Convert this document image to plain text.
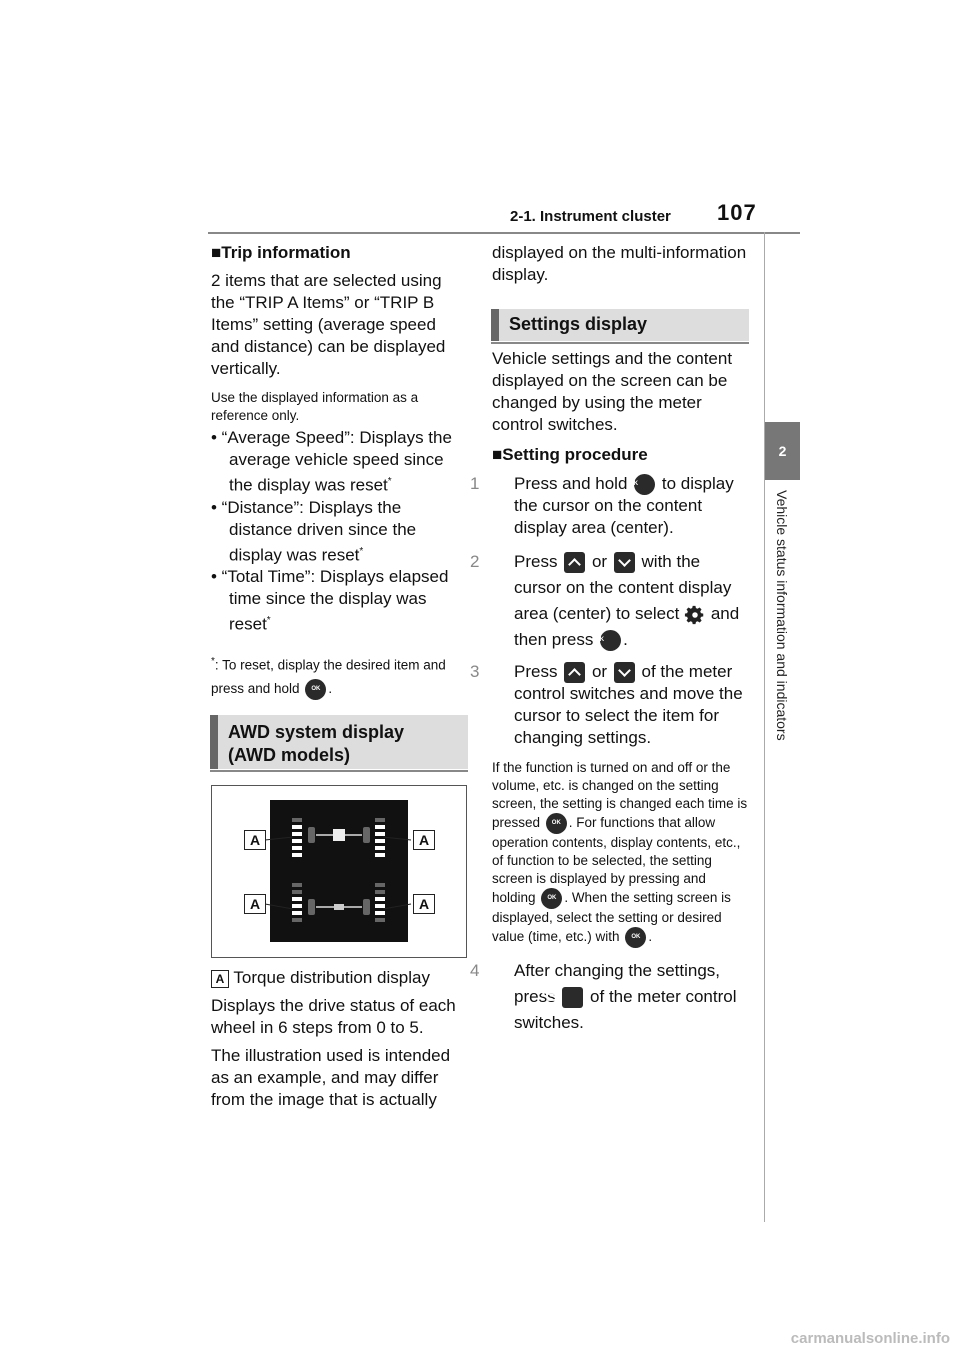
2-1. Instrument cluster 107
2
Vehicle status information and indicators
■Trip information
2 items that are selected using the “TRIP A Items” or “TRIP B Items” setting (average speed and distance) can be displayed vertically.
Use the displayed information as a reference only.
• “Average Speed”: Displays the average vehicle speed since the display was reset*
• “Distance”: Displays the distance driven since the display was reset*
• “Total Time”: Displays elapsed time since the display was reset*
*: To reset, display the desired item and press and hold OK .
AWD system display
(AWD models)
A	A
A	A
A Torque distribution display
Displays the drive status of each wheel in 6 steps from 0 to 5.
The illustration used is intended as an example, and may differ from the image that is actually
displayed on the multi-information display.
Settings display
Vehicle settings and the content displayed on the screen can be changed by using the meter control switches.
■Setting procedure
1 Press and hold OK to display the cursor on the content display area (center).
2 Press or with the cursor on the content display area (center) to select and then press OK .
3 Press or of the meter control switches and move the cursor to select the item for changing settings.
If the function is turned on and off or the volume, etc. is changed on the setting screen, the setting is changed each time is pressed OK . For functions that allow operation contents, display contents, etc., of function to be selected, the setting screen is displayed by pressing and holding OK . When the setting screen is displayed, select the setting or desired value (time, etc.) with OK .
4 After changing the settings, press of the meter control switches.
carmanualsonline.info
